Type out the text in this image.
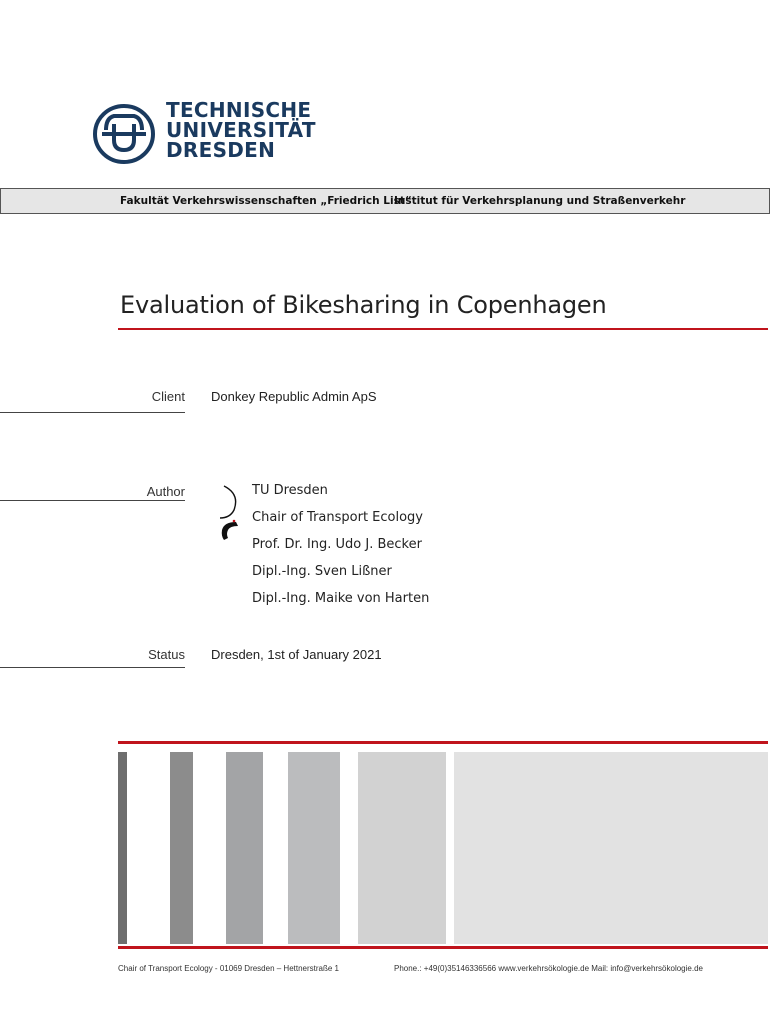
TECHNISCHE
UNIVERSITÄT
DRESDEN
Fakultät Verkehrswissenschaften „Friedrich List“
Institut für Verkehrsplanung und Straßenverkehr
Evaluation of Bikesharing in Copenhagen
Client Donkey Republic Admin ApS
Author	TU Dresden
Chair of Transport Ecology
Prof. Dr. Ing. Udo J. Becker
Dipl.-Ing. Sven Lißner
Dipl.-Ing. Maike von Harten
Status Dresden, 1st of January 2021
Chair of Transport Ecology - 01069 Dresden – Hettnerstraße 1	Phone.: +49(0)35146336566 www.verkehrsökologie.de Mail: info@verkehrsökologie.de
